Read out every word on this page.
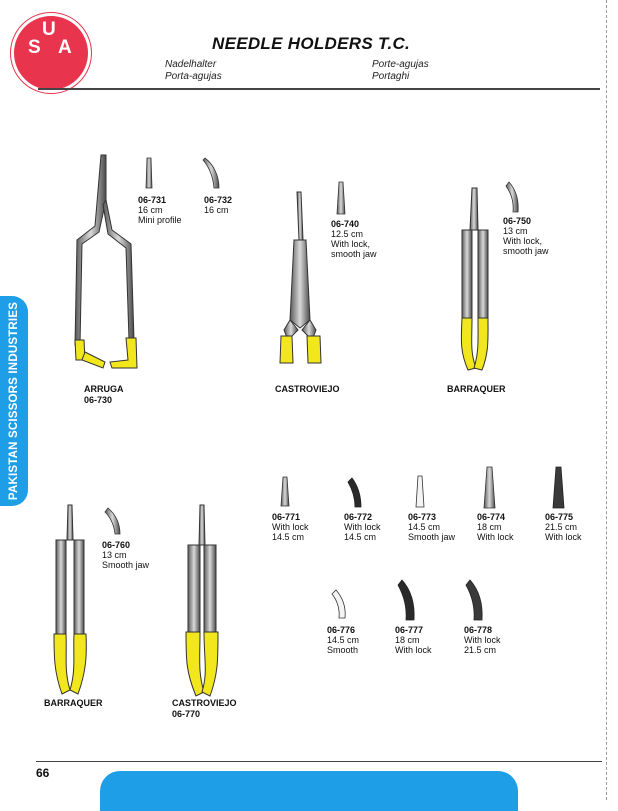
U
S A
DENTAL
NEEDLE HOLDERS T.C.
Nadelhalter
Porta-agujas
Porte-agujas
Portaghi
PAKISTAN SCISSORS INDUSTRIES	ARRUGA
06-730
06-731
16 cm
Mini profile
06-732
16 cm
CASTROVIEJO
06-740
12.5 cm
With lock,
smooth jaw
BARRAQUER
06-750
13 cm
With lock,
smooth jaw
BARRAQUER
06-760
13 cm
Smooth jaw
CASTROVIEJO
06-770
06-771
With lock
14.5 cm
06-772
With lock
14.5 cm
06-773
14.5 cm
Smooth jaw
06-774
18 cm
With lock
06-775
21.5 cm
With lock
06-776
14.5 cm
Smooth
06-777
18 cm
With lock
06-778
With lock
21.5 cm
66
